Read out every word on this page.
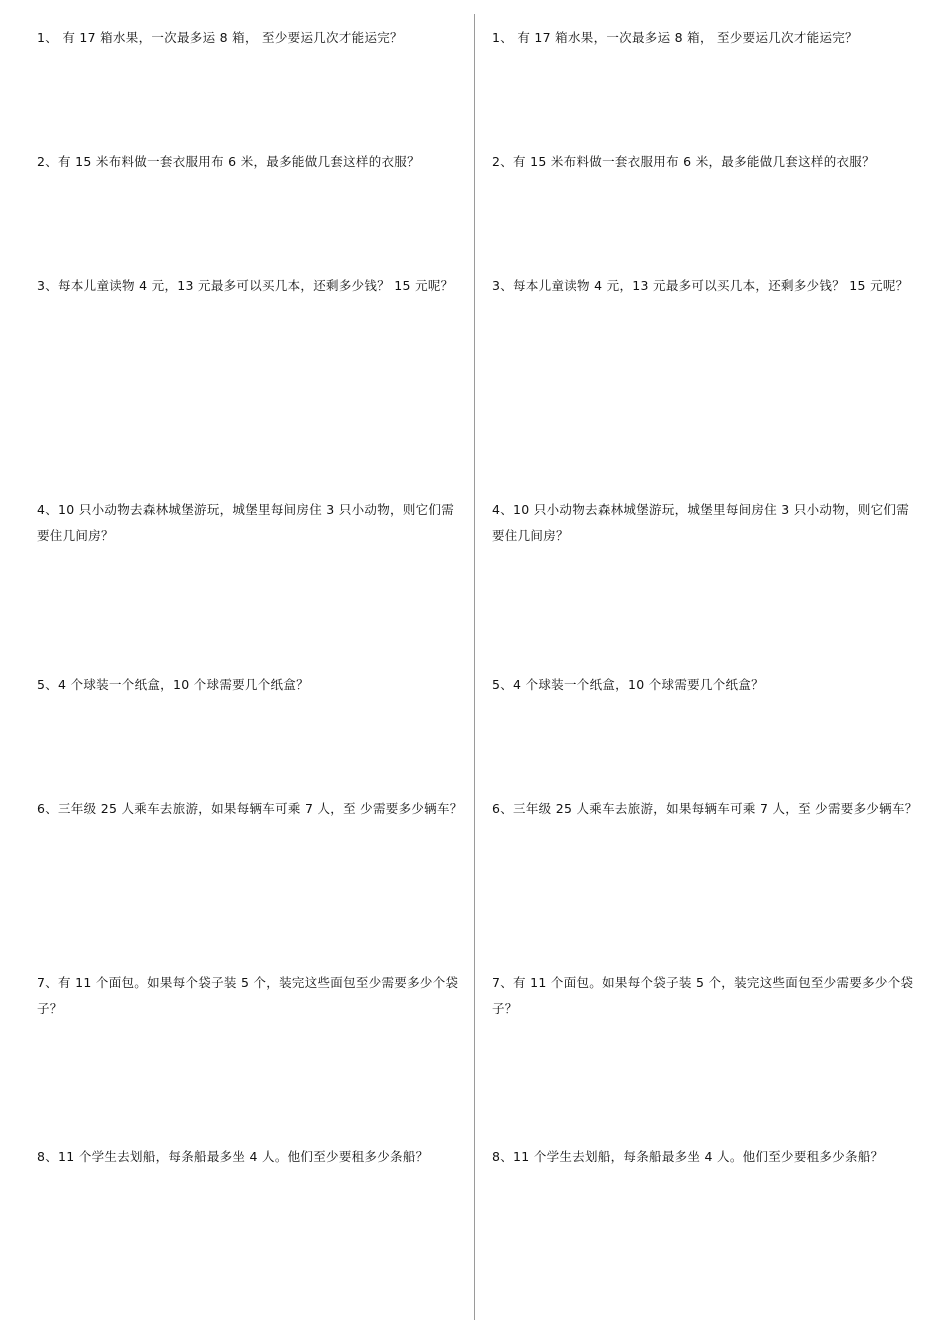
1、 有 17 箱水果，一次最多运 8 箱， 至少要运几次才能运完？
2、有 15 米布料做一套衣服用布 6 米，最多能做几套这样的衣服？
3、每本儿童读物 4 元，13 元最多可以买几本，还剩多少钱？ 15 元呢？
4、10 只小动物去森林城堡游玩，城堡里每间房住 3 只小动物，则它们需要住几间房？
5、4 个球装一个纸盒，10 个球需要几个纸盒？
6、三年级 25 人乘车去旅游，如果每辆车可乘 7 人，至 少需要多少辆车？
7、有 11 个面包。如果每个袋子装 5 个，装完这些面包至少需要多少个袋子？
8、11 个学生去划船，每条船最多坐 4 人。他们至少要租多少条船？
1、 有 17 箱水果，一次最多运 8 箱， 至少要运几次才能运完？
2、有 15 米布料做一套衣服用布 6 米，最多能做几套这样的衣服？
3、每本儿童读物 4 元，13 元最多可以买几本，还剩多少钱？ 15 元呢？
4、10 只小动物去森林城堡游玩，城堡里每间房住 3 只小动物，则它们需要住几间房？
5、4 个球装一个纸盒，10 个球需要几个纸盒？
6、三年级 25 人乘车去旅游，如果每辆车可乘 7 人，至 少需要多少辆车？
7、有 11 个面包。如果每个袋子装 5 个，装完这些面包至少需要多少个袋子？
8、11 个学生去划船，每条船最多坐 4 人。他们至少要租多少条船？
